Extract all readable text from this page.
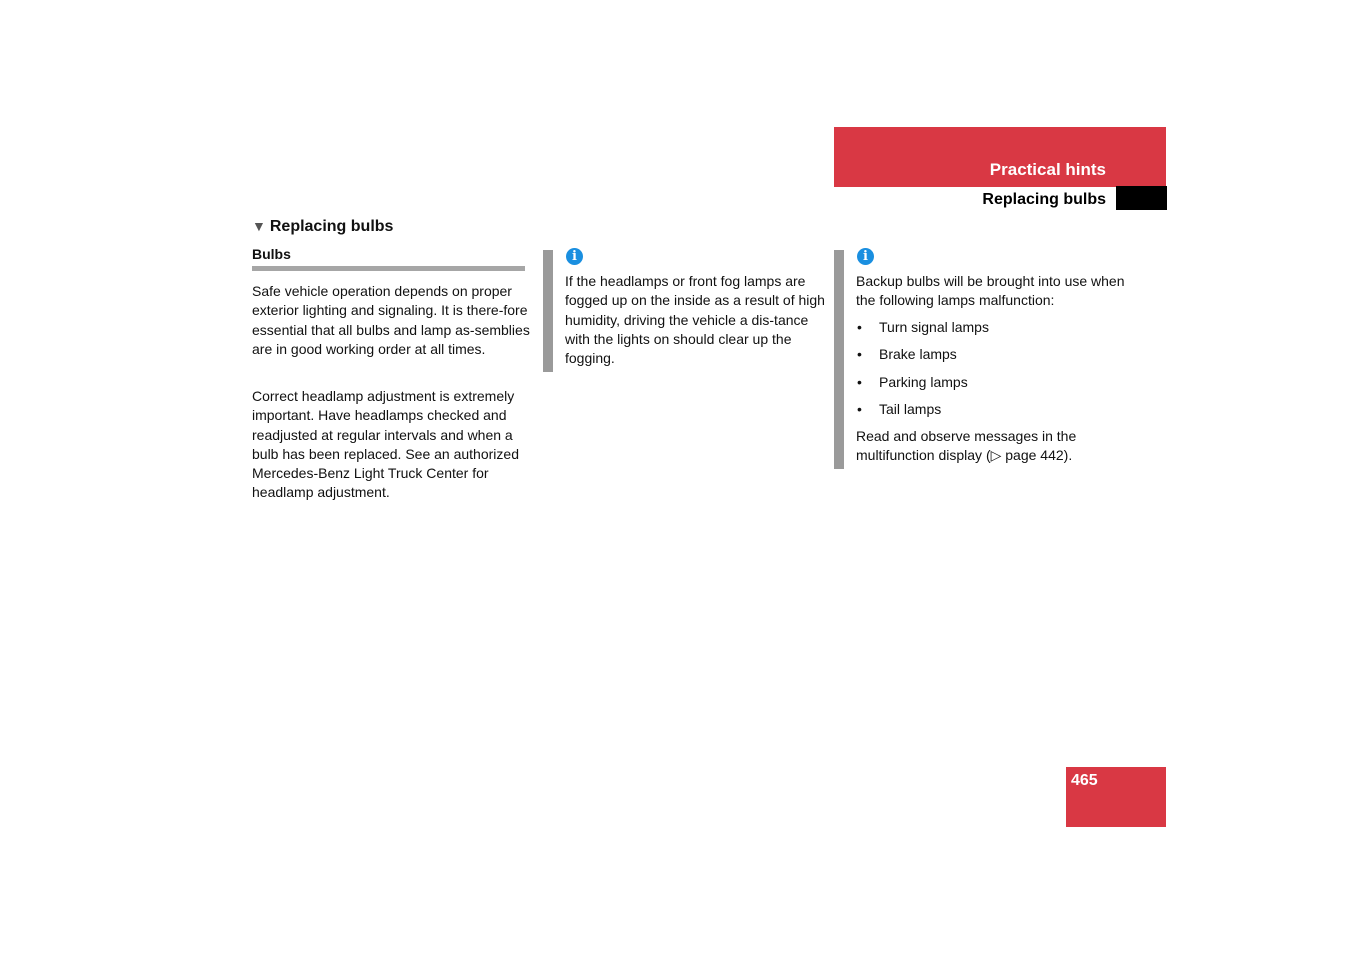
Practical hints
Replacing bulbs
▼ Replacing bulbs
Bulbs
Safe vehicle operation depends on proper exterior lighting and signaling. It is there-fore essential that all bulbs and lamp as-semblies are in good working order at all times.
Correct headlamp adjustment is extremely important. Have headlamps checked and readjusted at regular intervals and when a bulb has been replaced. See an authorized Mercedes-Benz Light Truck Center for headlamp adjustment.
i
If the headlamps or front fog lamps are fogged up on the inside as a result of high humidity, driving the vehicle a dis-tance with the lights on should clear up the fogging.
i
Backup bulbs will be brought into use when the following lamps malfunction:
• Turn signal lamps
• Brake lamps
• Parking lamps
• Tail lamps
Read and observe messages in the multifunction display (▷ page 442).
465
